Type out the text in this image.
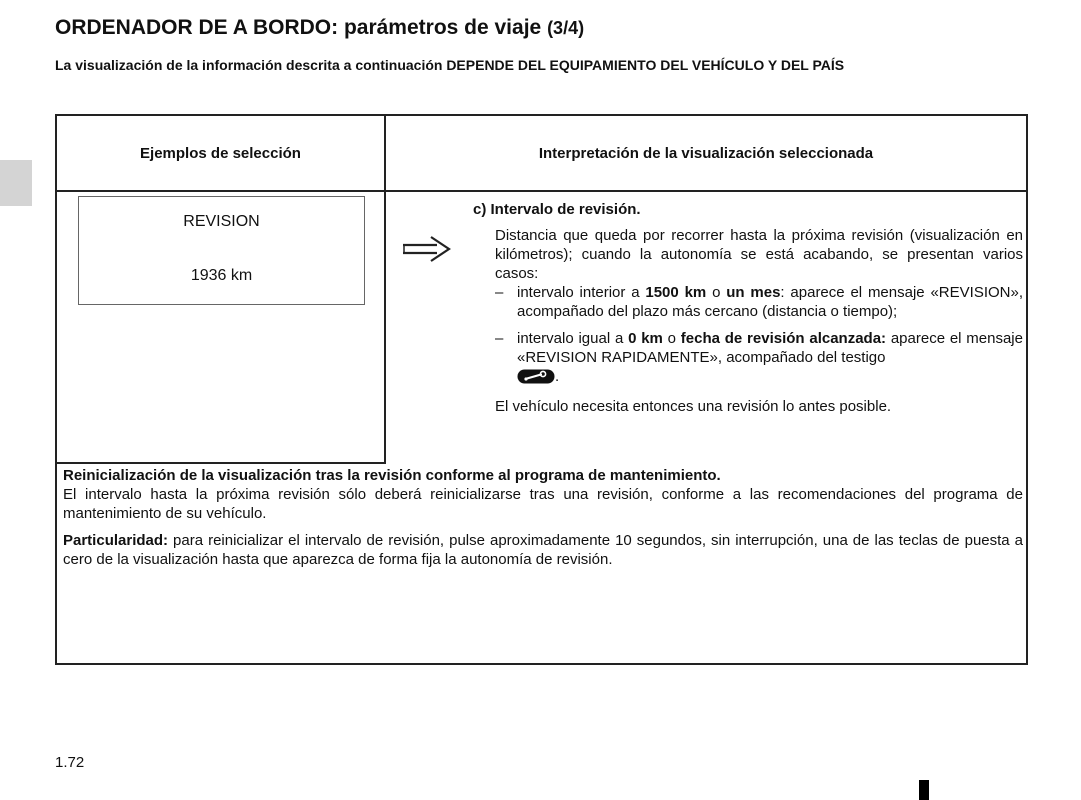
ORDENADOR DE A BORDO: parámetros de viaje (3/4)
La visualización de la información descrita a continuación DEPENDE DEL EQUIPAMIENTO DEL VEHÍCULO Y DEL PAÍS
Ejemplos de selección	Interpretación de la visualización seleccionada
REVISION
1936 km
c) Intervalo de revisión.
Distancia que queda por recorrer hasta la próxima revisión (visualización en kilómetros); cuando la autonomía se está acabando, se presentan varios casos:
– intervalo interior a 1500 km o un mes: aparece el mensaje «REVISION», acompañado del plazo más cercano (distancia o tiempo);
– intervalo igual a 0 km o fecha de revisión alcanzada: aparece el mensaje «REVISION RAPIDAMENTE», acompañado del testigo
.
El vehículo necesita entonces una revisión lo antes posible.
Reinicialización de la visualización tras la revisión conforme al programa de mantenimiento.
El intervalo hasta la próxima revisión sólo deberá reinicializarse tras una revisión, conforme a las recomendaciones del programa de mantenimiento de su vehículo.
Particularidad: para reinicializar el intervalo de revisión, pulse aproximadamente 10 segundos, sin interrupción, una de las teclas de puesta a cero de la visualización hasta que aparezca de forma fija la autonomía de revisión.
1.72
